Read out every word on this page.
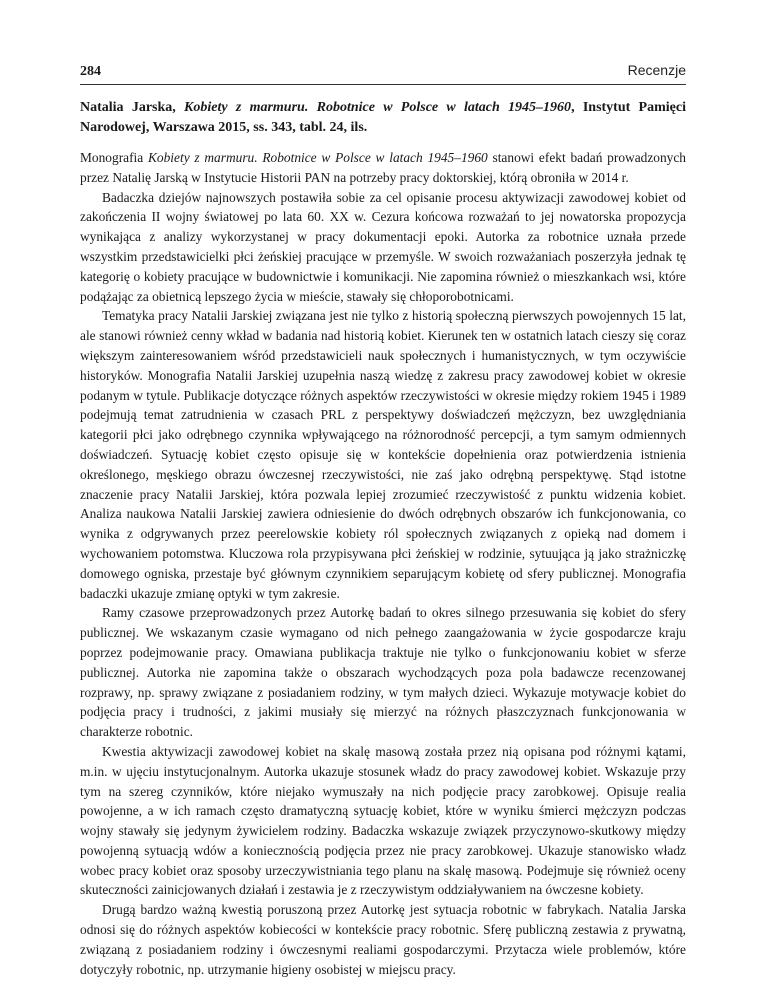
284	Recenzje
Natalia Jarska, Kobiety z marmuru. Robotnice w Polsce w latach 1945–1960, Instytut Pamięci Narodowej, Warszawa 2015, ss. 343, tabl. 24, ils.

Monografia Kobiety z marmuru. Robotnice w Polsce w latach 1945–1960 stanowi efekt badań prowadzonych przez Natalię Jarską w Instytucie Historii PAN na potrzeby pracy doktorskiej, którą obroniła w 2014 r.

Badaczka dziejów najnowszych postawiła sobie za cel opisanie procesu aktywizacji zawodowej kobiet od zakończenia II wojny światowej po lata 60. XX w. Cezura końcowa rozważań to jej nowatorska propozycja wynikająca z analizy wykorzystanej w pracy dokumentacji epoki. Autorka za robotnice uznała przede wszystkim przedstawicielki płci żeńskiej pracujące w przemyśle. W swoich rozważaniach poszerzyła jednak tę kategorię o kobiety pracujące w budownictwie i komunikacji. Nie zapomina również o mieszkankach wsi, które podążając za obietnicą lepszego życia w mieście, stawały się chłoporobotnicami.

Tematyka pracy Natalii Jarskiej związana jest nie tylko z historią społeczną pierwszych powojennych 15 lat, ale stanowi również cenny wkład w badania nad historią kobiet. Kierunek ten w ostatnich latach cieszy się coraz większym zainteresowaniem wśród przedstawicieli nauk społecznych i humanistycznych, w tym oczywiście historyków. Monografia Natalii Jarskiej uzupełnia naszą wiedzę z zakresu pracy zawodowej kobiet w okresie podanym w tytule. Publikacje dotyczące różnych aspektów rzeczywistości w okresie między rokiem 1945 i 1989 podejmują temat zatrudnienia w czasach PRL z perspektywy doświadczeń mężczyzn, bez uwzględniania kategorii płci jako odrębnego czynnika wpływającego na różnorodność percepcji, a tym samym odmiennych doświadczeń. Sytuację kobiet często opisuje się w kontekście dopełnienia oraz potwierdzenia istnienia określonego, męskiego obrazu ówczesnej rzeczywistości, nie zaś jako odrębną perspektywę. Stąd istotne znaczenie pracy Natalii Jarskiej, która pozwala lepiej zrozumieć rzeczywistość z punktu widzenia kobiet. Analiza naukowa Natalii Jarskiej zawiera odniesienie do dwóch odrębnych obszarów ich funkcjonowania, co wynika z odgrywanych przez peerelowskie kobiety ról społecznych związanych z opieką nad domem i wychowaniem potomstwa. Kluczowa rola przypisywana płci żeńskiej w rodzinie, sytuująca ją jako strażniczkę domowego ogniska, przestaje być głównym czynnikiem separującym kobietę od sfery publicznej. Monografia badaczki ukazuje zmianę optyki w tym zakresie.

Ramy czasowe przeprowadzonych przez Autorkę badań to okres silnego przesuwania się kobiet do sfery publicznej. We wskazanym czasie wymagano od nich pełnego zaangażowania w życie gospodarcze kraju poprzez podejmowanie pracy. Omawiana publikacja traktuje nie tylko o funkcjonowaniu kobiet w sferze publicznej. Autorka nie zapomina także o obszarach wychodzących poza pola badawcze recenzowanej rozprawy, np. sprawy związane z posiadaniem rodziny, w tym małych dzieci. Wykazuje motywacje kobiet do podjęcia pracy i trudności, z jakimi musiały się mierzyć na różnych płaszczyznach funkcjonowania w charakterze robotnic.

Kwestia aktywizacji zawodowej kobiet na skalę masową została przez nią opisana pod różnymi kątami, m.in. w ujęciu instytucjonalnym. Autorka ukazuje stosunek władz do pracy zawodowej kobiet. Wskazuje przy tym na szereg czynników, które niejako wymuszały na nich podjęcie pracy zarobkowej. Opisuje realia powojenne, a w ich ramach często dramatyczną sytuację kobiet, które w wyniku śmierci mężczyzn podczas wojny stawały się jedynym żywicielem rodziny. Badaczka wskazuje związek przyczynowo-skutkowy między powojenną sytuacją wdów a koniecznością podjęcia przez nie pracy zarobkowej. Ukazuje stanowisko władz wobec pracy kobiet oraz sposoby urzeczywistniania tego planu na skalę masową. Podejmuje się również oceny skuteczności zainicjowanych działań i zestawia je z rzeczywistym oddziaływaniem na ówczesne kobiety.

Drugą bardzo ważną kwestią poruszoną przez Autorkę jest sytuacja robotnic w fabrykach. Natalia Jarska odnosi się do różnych aspektów kobiecości w kontekście pracy robotnic. Sferę publiczną zestawia z prywatną, związaną z posiadaniem rodziny i ówczesnymi realiami gospodarczymi. Przytacza wiele problemów, które dotyczyły robotnic, np. utrzymanie higieny osobistej w miejscu pracy.
